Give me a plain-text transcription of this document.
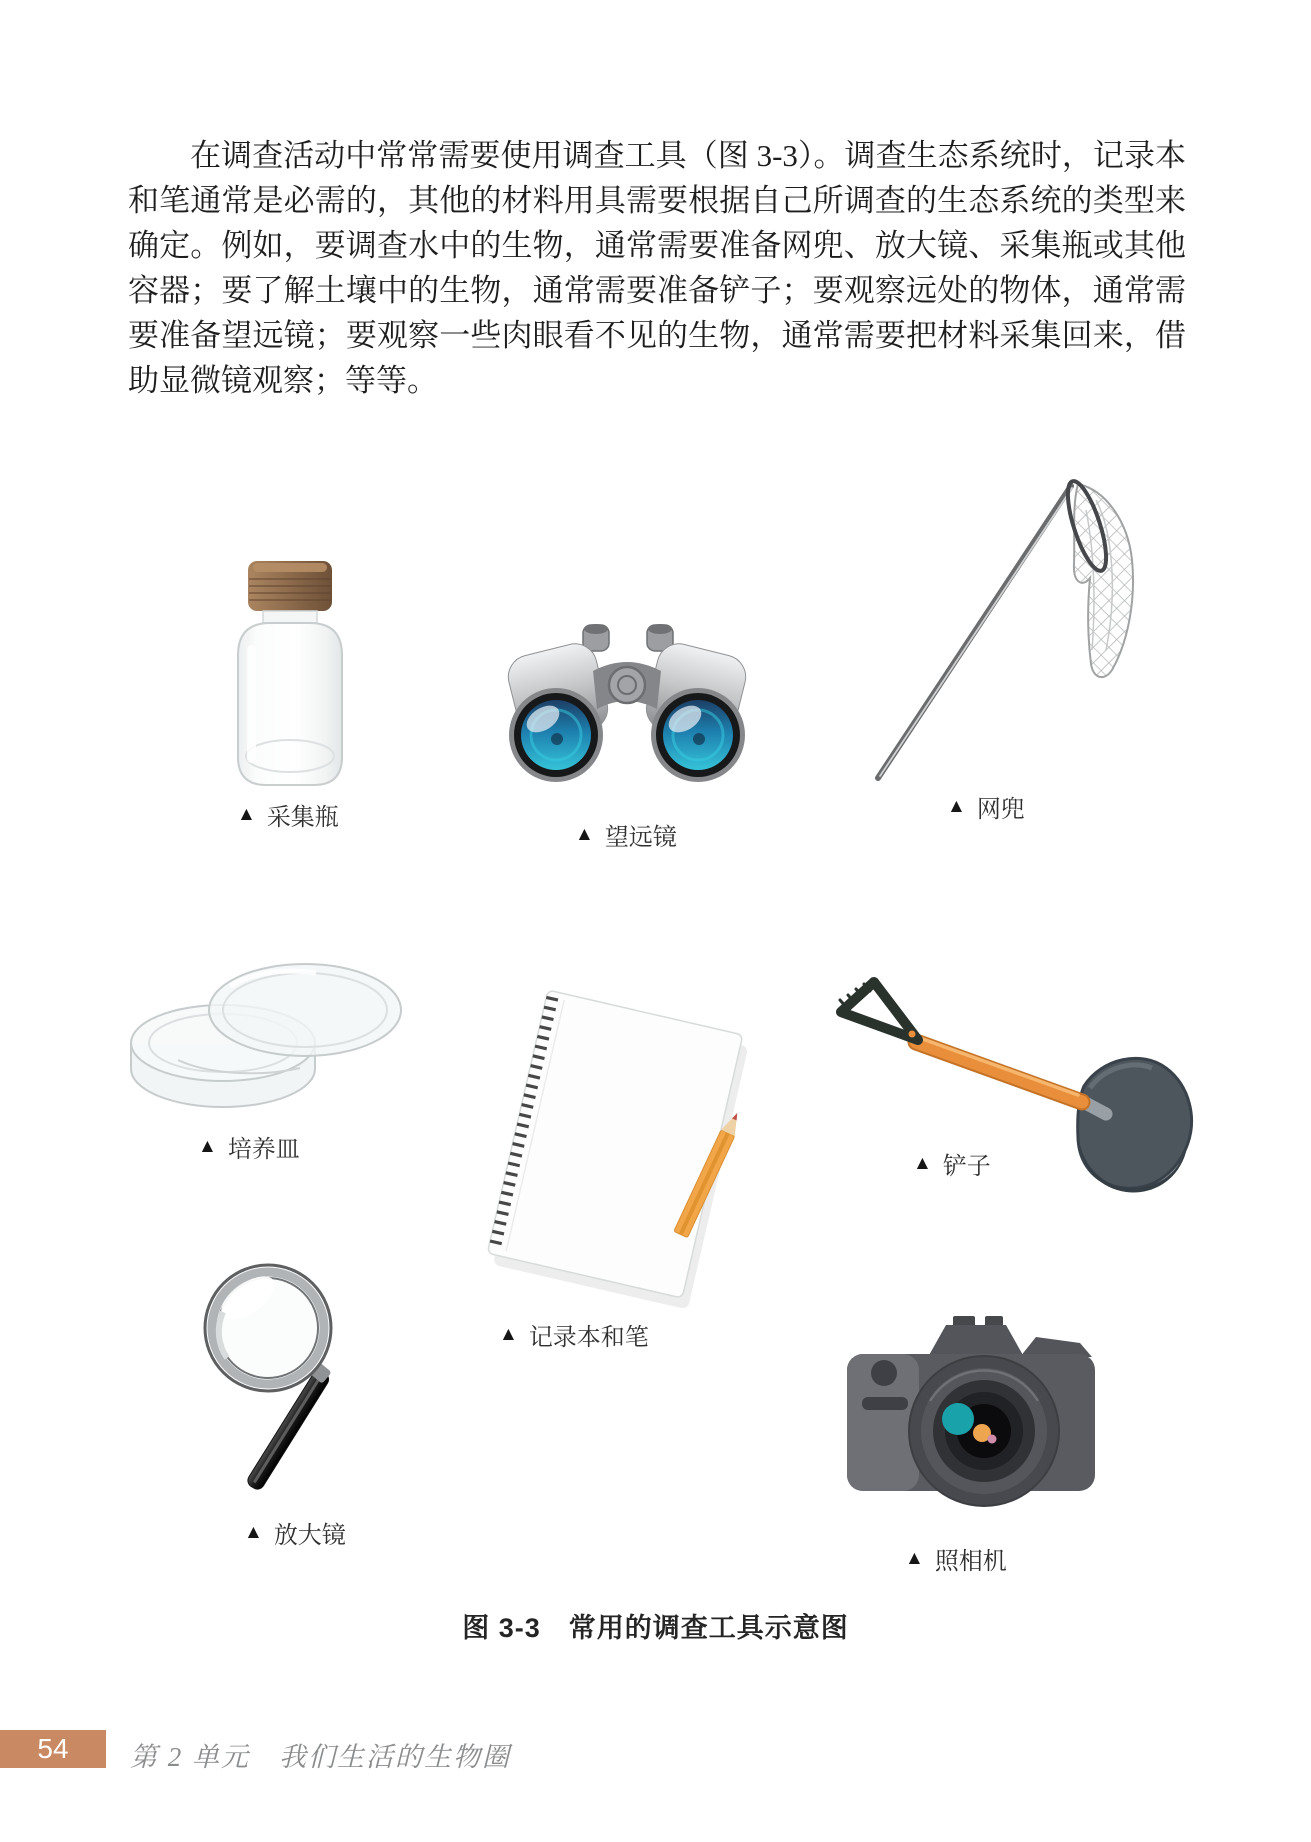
在调查活动中常常需要使用调查工具（图 3-3）。调查生态系统时，记录本和笔通常是必需的，其他的材料用具需要根据自己所调查的生态系统的类型来确定。例如，要调查水中的生物，通常需要准备网兜、放大镜、采集瓶或其他容器；要了解土壤中的生物，通常需要准备铲子；要观察远处的物体，通常需要准备望远镜；要观察一些肉眼看不见的生物，通常需要把材料采集回来，借助显微镜观察；等等。
▲ 采集瓶
▲ 望远镜
▲ 网兜
▲ 培养皿
▲ 记录本和笔
▲ 铲子
▲ 放大镜
▲ 照相机
图 3-3　常用的调查工具示意图
54	第 2 单元　我们生活的生物圈
